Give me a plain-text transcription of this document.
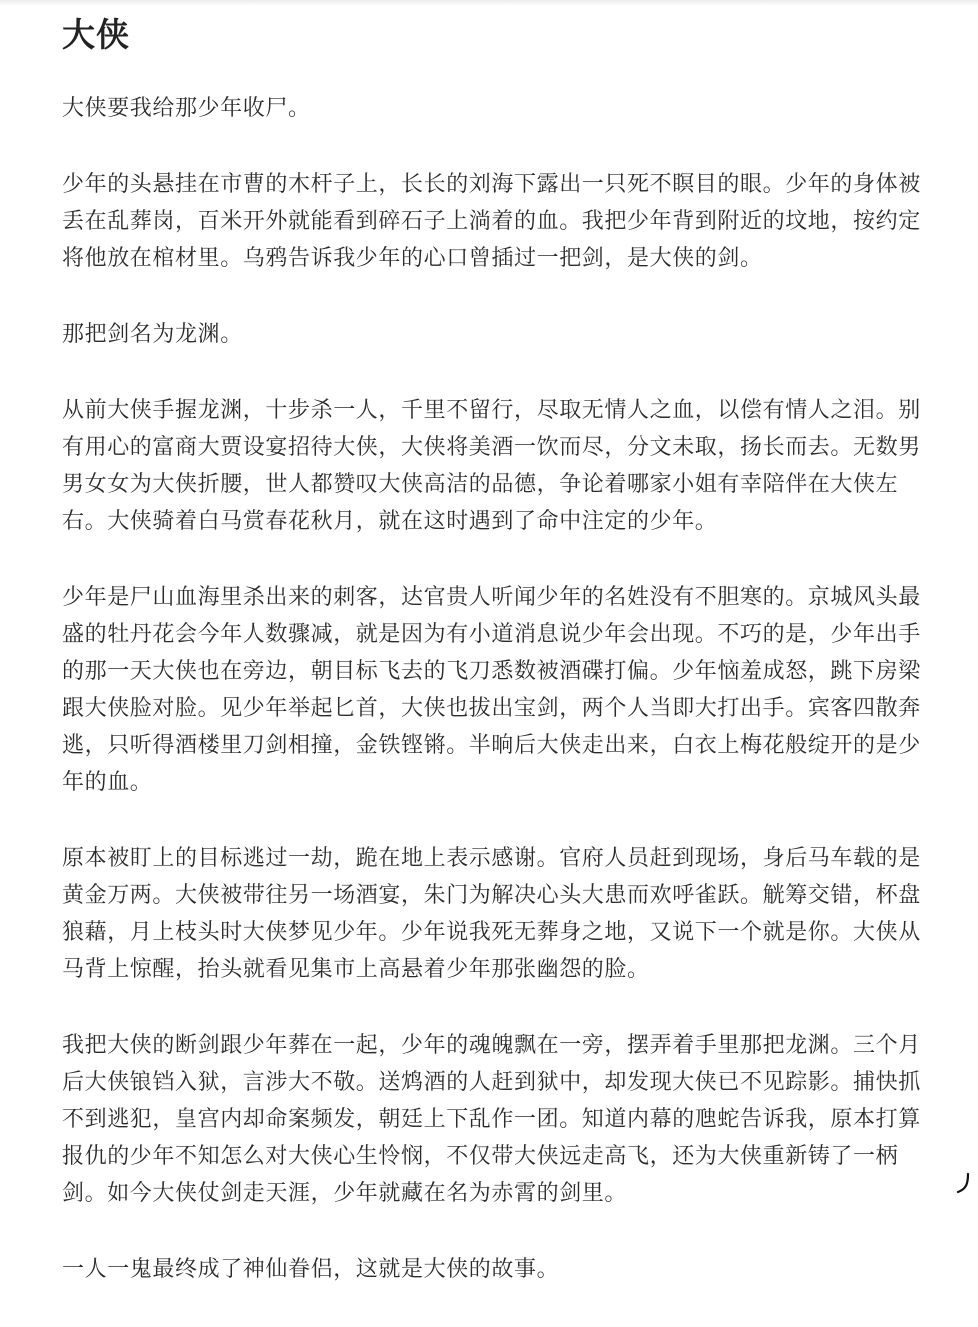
大侠

大侠要我给那少年收尸。

少年的头悬挂在市曹的木杆子上，长长的刘海下露出一只死不瞑目的眼。少年的身体被丢在乱葬岗，百米开外就能看到碎石子上淌着的血。我把少年背到附近的坟地，按约定将他放在棺材里。乌鸦告诉我少年的心口曾插过一把剑，是大侠的剑。

那把剑名为龙渊。

从前大侠手握龙渊，十步杀一人，千里不留行，尽取无情人之血，以偿有情人之泪。别有用心的富商大贾设宴招待大侠，大侠将美酒一饮而尽，分文未取，扬长而去。无数男男女女为大侠折腰，世人都赞叹大侠高洁的品德，争论着哪家小姐有幸陪伴在大侠左右。大侠骑着白马赏春花秋月，就在这时遇到了命中注定的少年。

少年是尸山血海里杀出来的刺客，达官贵人听闻少年的名姓没有不胆寒的。京城风头最盛的牡丹花会今年人数骤减，就是因为有小道消息说少年会出现。不巧的是，少年出手的那一天大侠也在旁边，朝目标飞去的飞刀悉数被酒碟打偏。少年恼羞成怒，跳下房梁跟大侠脸对脸。见少年举起匕首，大侠也拔出宝剑，两个人当即大打出手。宾客四散奔逃，只听得酒楼里刀剑相撞，金铁铿锵。半晌后大侠走出来，白衣上梅花般绽开的是少年的血。

原本被盯上的目标逃过一劫，跪在地上表示感谢。官府人员赶到现场，身后马车载的是黄金万两。大侠被带往另一场酒宴，朱门为解决心头大患而欢呼雀跃。觥筹交错，杯盘狼藉，月上枝头时大侠梦见少年。少年说我死无葬身之地，又说下一个就是你。大侠从马背上惊醒，抬头就看见集市上高悬着少年那张幽怨的脸。

我把大侠的断剑跟少年葬在一起，少年的魂魄飘在一旁，摆弄着手里那把龙渊。三个月后大侠锒铛入狱，言涉大不敬。送鸩酒的人赶到狱中，却发现大侠已不见踪影。捕快抓不到逃犯，皇宫内却命案频发，朝廷上下乱作一团。知道内幕的虺蛇告诉我，原本打算报仇的少年不知怎么对大侠心生怜悯，不仅带大侠远走高飞，还为大侠重新铸了一柄剑。如今大侠仗剑走天涯，少年就藏在名为赤霄的剑里。

一人一鬼最终成了神仙眷侣，这就是大侠的故事。
